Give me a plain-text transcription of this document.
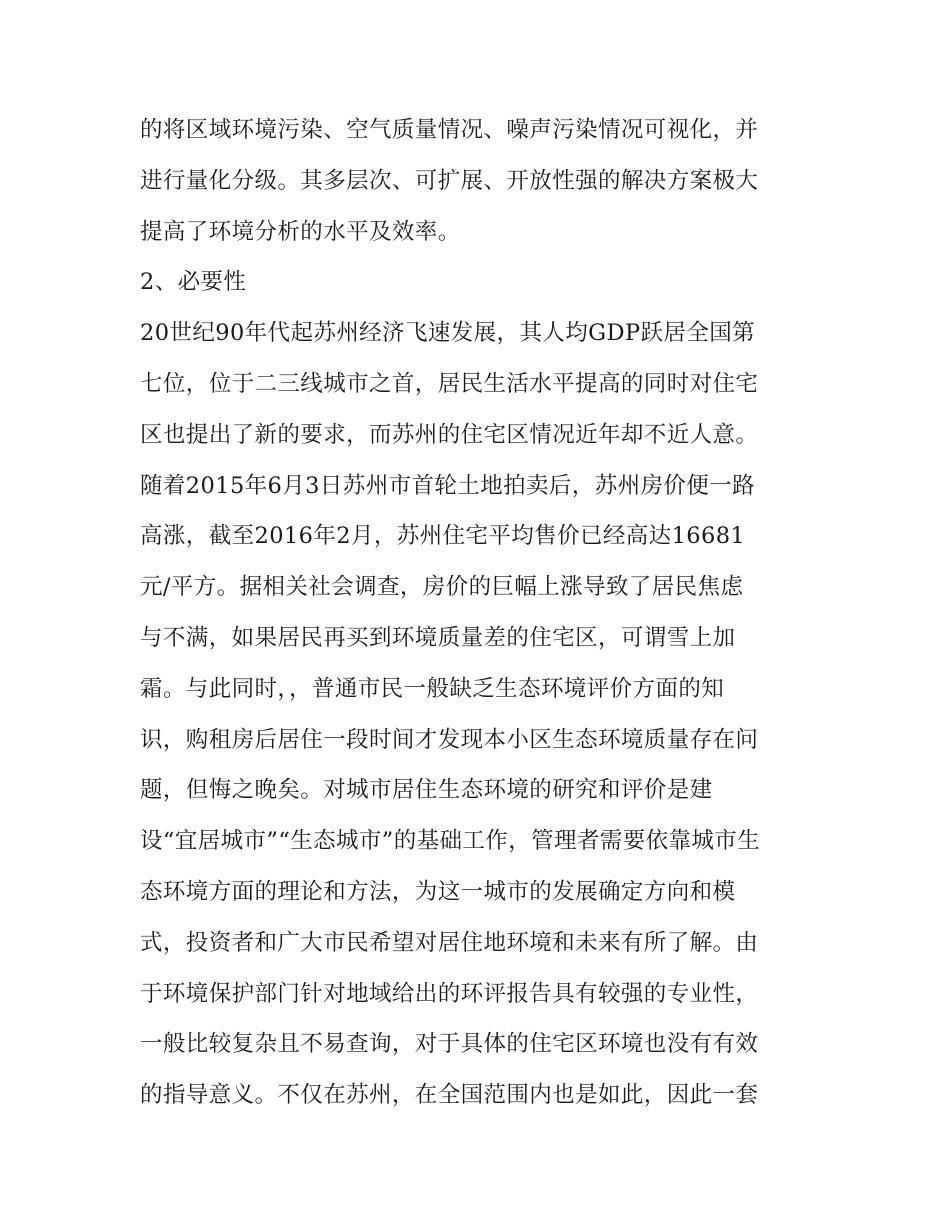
的将区域环境污染、空气质量情况、噪声污染情况可视化，并
进行量化分级。其多层次、可扩展、开放性强的解决方案极大
提高了环境分析的水平及效率。
2、必要性
20世纪90年代起苏州经济飞速发展，其人均GDP跃居全国第
七位，位于二三线城市之首，居民生活水平提高的同时对住宅
区也提出了新的要求，而苏州的住宅区情况近年却不近人意。
随着2015年6月3日苏州市首轮土地拍卖后，苏州房价便一路
高涨，截至2016年2月，苏州住宅平均售价已经高达16681
元/平方。据相关社会调查，房价的巨幅上涨导致了居民焦虑
与不满，如果居民再买到环境质量差的住宅区，可谓雪上加
霜。与此同时，，普通市民一般缺乏生态环境评价方面的知
识，购租房后居住一段时间才发现本小区生态环境质量存在问
题，但悔之晚矣。对城市居住生态环境的研究和评价是建
设“宜居城市”“生态城市”的基础工作，管理者需要依靠城市生
态环境方面的理论和方法，为这一城市的发展确定方向和模
式，投资者和广大市民希望对居住地环境和未来有所了解。由
于环境保护部门针对地域给出的环评报告具有较强的专业性，
一般比较复杂且不易查询，对于具体的住宅区环境也没有有效
的指导意义。不仅在苏州，在全国范围内也是如此，因此一套
